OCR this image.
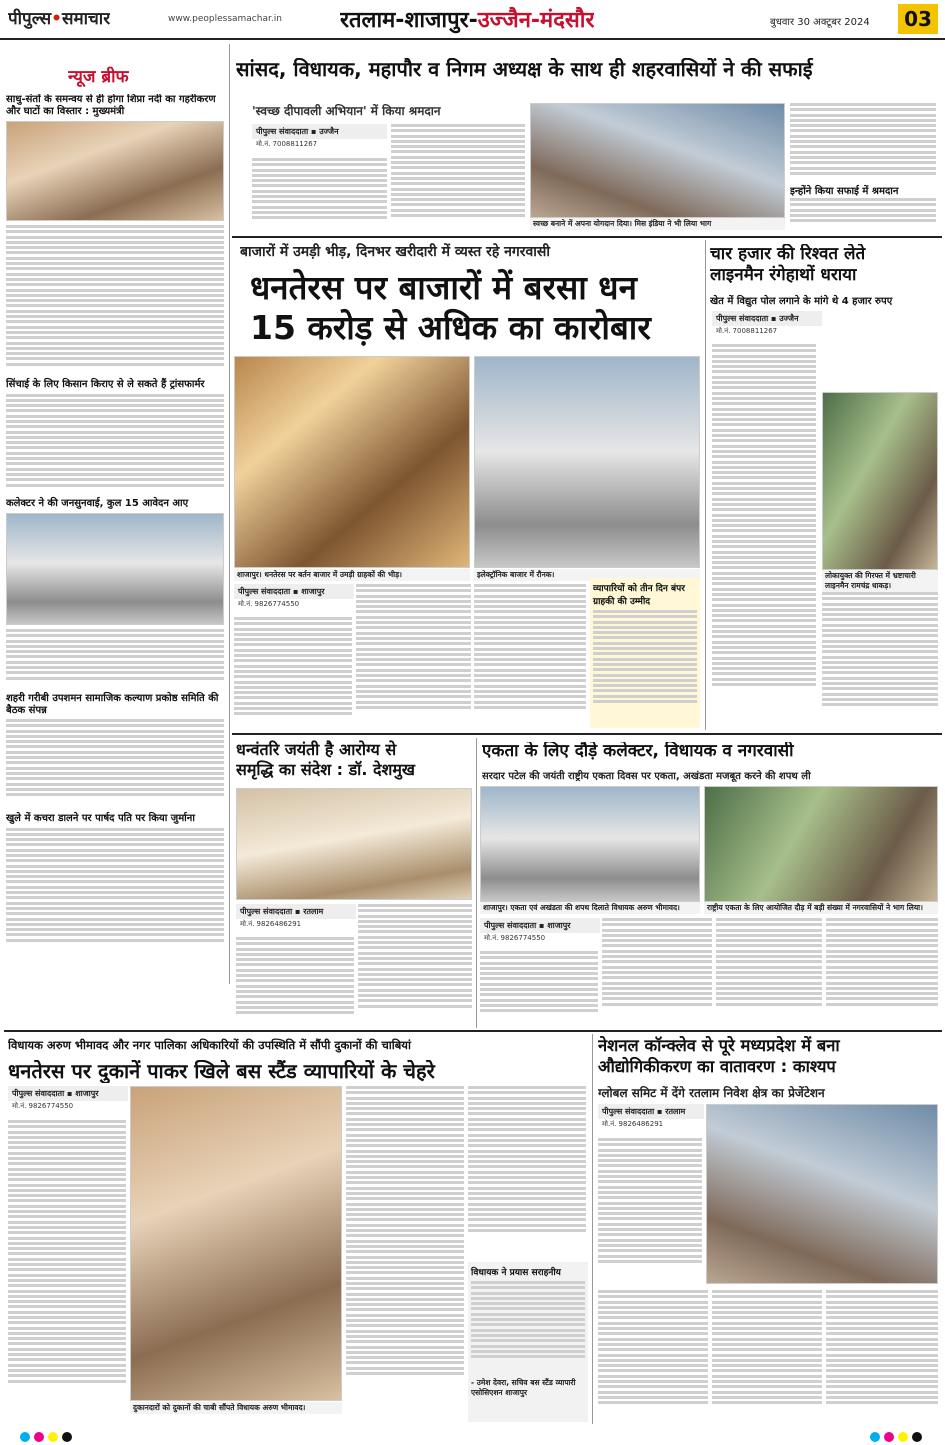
पीपुल्स•समाचार	www.peoplessamachar.in	रतलाम-शाजापुर-उज्जैन-मंदसौर	बुधवार 30 अक्टूबर 2024	03
न्यूज ब्रीफ
साधु-संतों के समन्वय से ही होगा शिप्रा नदी का गहरीकरण और घाटों का विस्तार : मुख्यमंत्री
सिंचाई के लिए किसान किराए से ले सकते हैं ट्रांसफार्मर
कलेक्टर ने की जनसुनवाई, कुल 15 आवेदन आए
शहरी गरीबी उपशमन सामाजिक कल्याण प्रकोष्ठ समिति की बैठक संपन्न
खुले में कचरा डालने पर पार्षद पति पर किया जुर्माना
सांसद, विधायक, महापौर व निगम अध्यक्ष के साथ ही शहरवासियों ने की सफाई
'स्वच्छ दीपावली अभियान' में किया श्रमदान
पीपुल्स संवाददाता ▪ उज्जैन
मो.नं. 7008811267
स्वच्छ बनाने में अपना योगदान दिया। मिस इंडिया ने भी लिया भाग
इन्होंने किया सफाई में श्रमदान
बाजारों में उमड़ी भीड़, दिनभर खरीदारी में व्यस्त रहे नगरवासी
धनतेरस पर बाजारों में बरसा धन
15 करोड़ से अधिक का कारोबार
शाजापुर। धनतेरस पर बर्तन बाजार में उमड़ी ग्राहकों की भीड़।	इलेक्ट्रॉनिक बाजार में रौनक।
पीपुल्स संवाददाता ▪ शाजापुर
मो.नं. 9826774550
व्यापारियों को तीन दिन बंपर ग्राहकी की उम्मीद
चार हजार की रिश्वत लेते
लाइनमैन रंगेहाथों धराया
खेत में विद्युत पोल लगाने के मांगे थे 4 हजार रुपए
पीपुल्स संवाददाता ▪ उज्जैन
मो.नं. 7008811267
लोकायुक्त की गिरफ्त में भ्रष्टाचारी लाइनमैन रामचंद्र धाकड़।
धन्वंतरि जयंती है आरोग्य से
समृद्धि का संदेश : डॉ. देशमुख
पीपुल्स संवाददाता ▪ रतलाम
मो.नं. 9826486291
एकता के लिए दौड़े कलेक्टर, विधायक व नगरवासी
सरदार पटेल की जयंती राष्ट्रीय एकता दिवस पर एकता, अखंडता मजबूत करने की शपथ ली
शाजापुर। एकता एवं अखंडता की शपथ दिलाते विधायक अरुण भीमावद।	राष्ट्रीय एकता के लिए आयोजित दौड़ में बड़ी संख्या में नगरवासियों ने भाग लिया।
पीपुल्स संवाददाता ▪ शाजापुर
मो.नं. 9826774550
विधायक अरुण भीमावद और नगर पालिका अधिकारियों की उपस्थिति में सौंपी दुकानों की चाबियां
धनतेरस पर दुकानें पाकर खिले बस स्टैंड व्यापारियों के चेहरे
पीपुल्स संवाददाता ▪ शाजापुर
मो.नं. 9826774550
दुकानदारों को दुकानों की चाबी सौंपते विधायक अरुण भीमावद।
विधायक ने प्रयास सराहनीय
- उमेश देवरा, सचिव बस स्टैंड व्यापारी एसोसिएशन शाजापुर
नेशनल कॉन्क्लेव से पूरे मध्यप्रदेश में बना
औद्योगिकीकरण का वातावरण : काश्यप
ग्लोबल समिट में देंगे रतलाम निवेश क्षेत्र का प्रेजेंटेशन
पीपुल्स संवाददाता ▪ रतलाम
मो.नं. 9826486291
